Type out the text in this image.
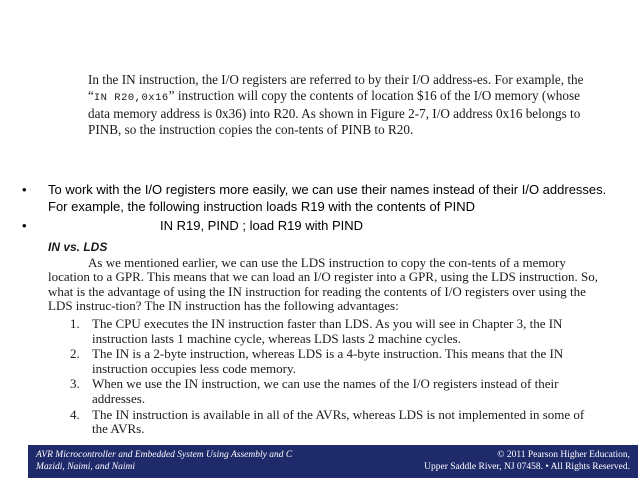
In the IN instruction, the I/O registers are referred to by their I/O address-es. For example, the “IN R20,0x16” instruction will copy the contents of location $16 of the I/O memory (whose data memory address is 0x36) into R20. As shown in Figure 2-7, I/O address 0x16 belongs to PINB, so the instruction copies the con-tents of PINB to R20.

• To work with the I/O registers more easily, we can use their names instead of their I/O addresses. For example, the following instruction loads R19 with the contents of PIND
•	IN R19, PIND ; load R19 with PIND
IN vs. LDS

As we mentioned earlier, we can use the LDS instruction to copy the con-tents of a memory location to a GPR. This means that we can load an I/O register into a GPR, using the LDS instruction. So, what is the advantage of using the IN instruction for reading the contents of I/O registers over using the LDS instruc-tion? The IN instruction has the following advantages:

1. The CPU executes the IN instruction faster than LDS. As you will see in Chapter 3, the IN instruction lasts 1 machine cycle, whereas LDS lasts 2 machine cycles.
2. The IN is a 2-byte instruction, whereas LDS is a 4-byte instruction. This means that the IN instruction occupies less code memory.
3. When we use the IN instruction, we can use the names of the I/O registers instead of their addresses.
4. The IN instruction is available in all of the AVRs, whereas LDS is not implemented in some of the AVRs.
AVR Microcontroller and Embedded System Using Assembly and C
Mazidi, Naimi, and Naimi
© 2011 Pearson Higher Education,
Upper Saddle River, NJ 07458. • All Rights Reserved.
